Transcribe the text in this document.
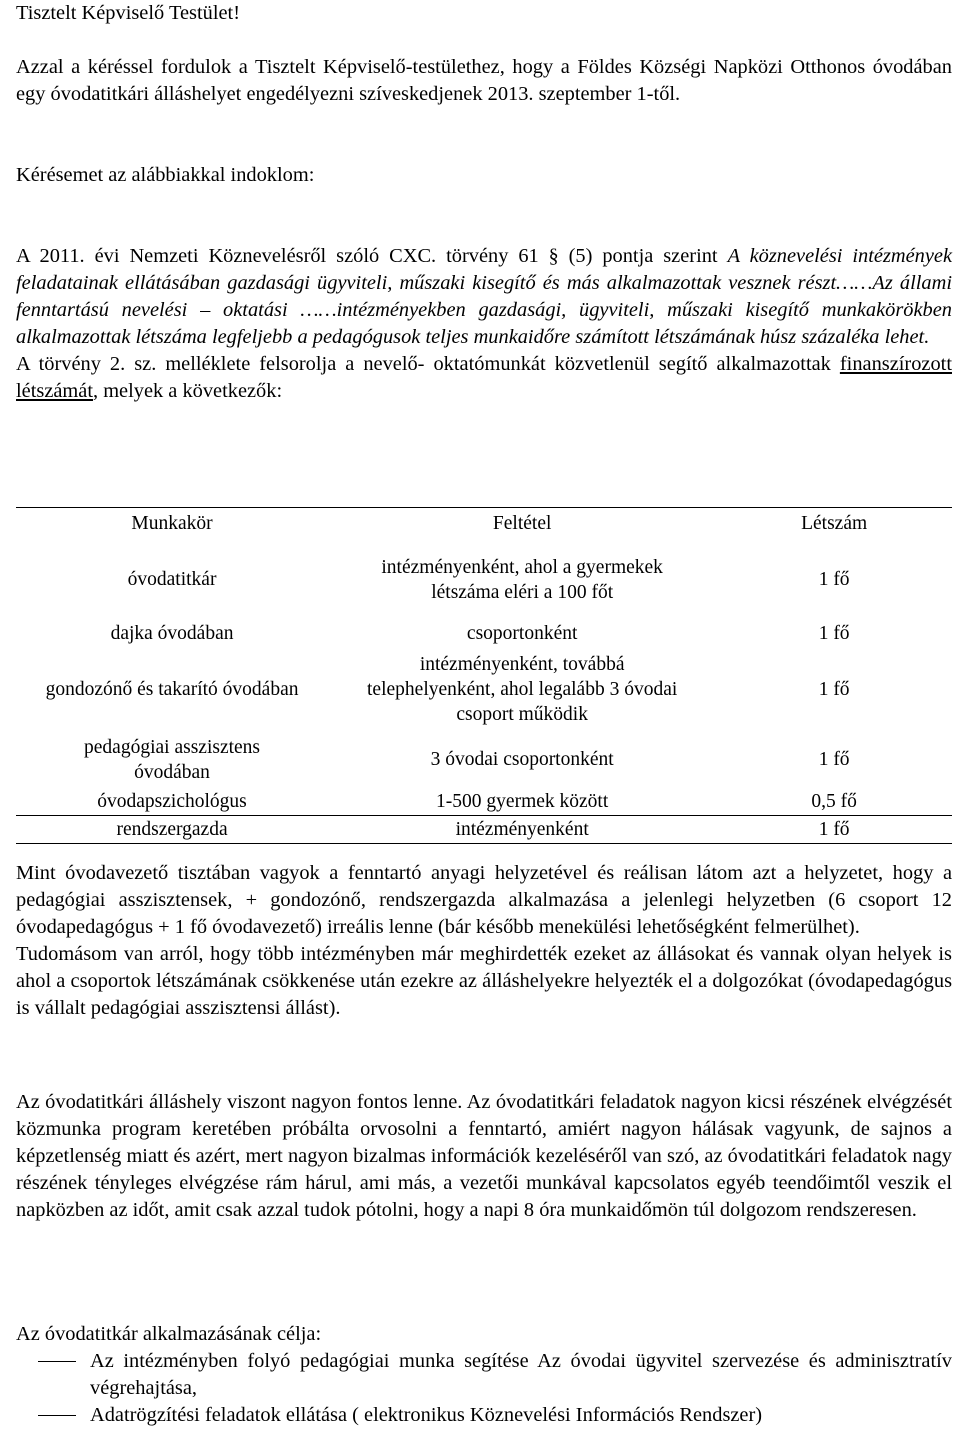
Tisztelt Képviselő Testület!

Azzal a kéréssel fordulok a Tisztelt Képviselő-testülethez, hogy a Földes Községi Napközi Otthonos óvodában egy óvodatitkári álláshelyet engedélyezni szíveskedjenek 2013. szeptember 1-től.

Kérésemet az alábbiakkal indoklom:

A 2011. évi Nemzeti Köznevelésről szóló CXC. törvény 61 § (5) pontja szerint A köznevelési intézmények feladatainak ellátásában gazdasági ügyviteli, műszaki kisegítő és más alkalmazottak vesznek részt……Az állami fenntartású nevelési – oktatási ……intézményekben gazdasági, ügyviteli, műszaki kisegítő munkakörökben alkalmazottak létszáma legfeljebb a pedagógusok teljes munkaidőre számított létszámának húsz százaléka lehet.
A törvény 2. sz. melléklete felsorolja a nevelő- oktatómunkát közvetlenül segítő alkalmazottak finanszírozott létszámát, melyek a következők:
Munkakör	Feltétel	Létszám
óvodatitkár	intézményenként, ahol a gyermekek létszáma eléri a 100 főt	1 fő
dajka óvodában	csoportonként	1 fő
gondozónő és takarító óvodában	intézményenként, továbbá telephelyenként, ahol legalább 3 óvodai csoport működik	1 fő
pedagógiai asszisztens óvodában	3 óvodai csoportonként	1 fő
óvodapszichológus	1-500 gyermek között	0,5 fő
rendszergazda	intézményenként	1 fő

Mint óvodavezető tisztában vagyok a fenntartó anyagi helyzetével és reálisan látom azt a helyzetet, hogy a pedagógiai asszisztensek, + gondozónő, rendszergazda alkalmazása a jelenlegi helyzetben (6 csoport 12 óvodapedagógus + 1 fő óvodavezető) irreális lenne (bár később menekülési lehetőségként felmerülhet).

Tudomásom van arról, hogy több intézményben már meghirdették ezeket az állásokat és vannak olyan helyek is ahol a csoportok létszámának csökkenése után ezekre az álláshelyekre helyezték el a dolgozókat (óvodapedagógus is vállalt pedagógiai asszisztensi állást).

Az óvodatitkári álláshely viszont nagyon fontos lenne. Az óvodatitkári feladatok nagyon kicsi részének elvégzését közmunka program keretében próbálta orvosolni a fenntartó, amiért nagyon hálásak vagyunk, de sajnos a képzetlenség miatt és azért, mert nagyon bizalmas információk kezeléséről van szó, az óvodatitkári feladatok nagy részének tényleges elvégzése rám hárul, ami más, a vezetői munkával kapcsolatos egyéb teendőimtől veszik el napközben az időt, amit csak azzal tudok pótolni, hogy a napi 8 óra munkaidőmön túl dolgozom rendszeresen.

Az óvodatitkár alkalmazásának célja:

Az intézményben folyó pedagógiai munka segítése Az óvodai ügyvitel szervezése és adminisztratív végrehajtása,
Adatrögzítési feladatok ellátása ( elektronikus Köznevelési Információs Rendszer)
